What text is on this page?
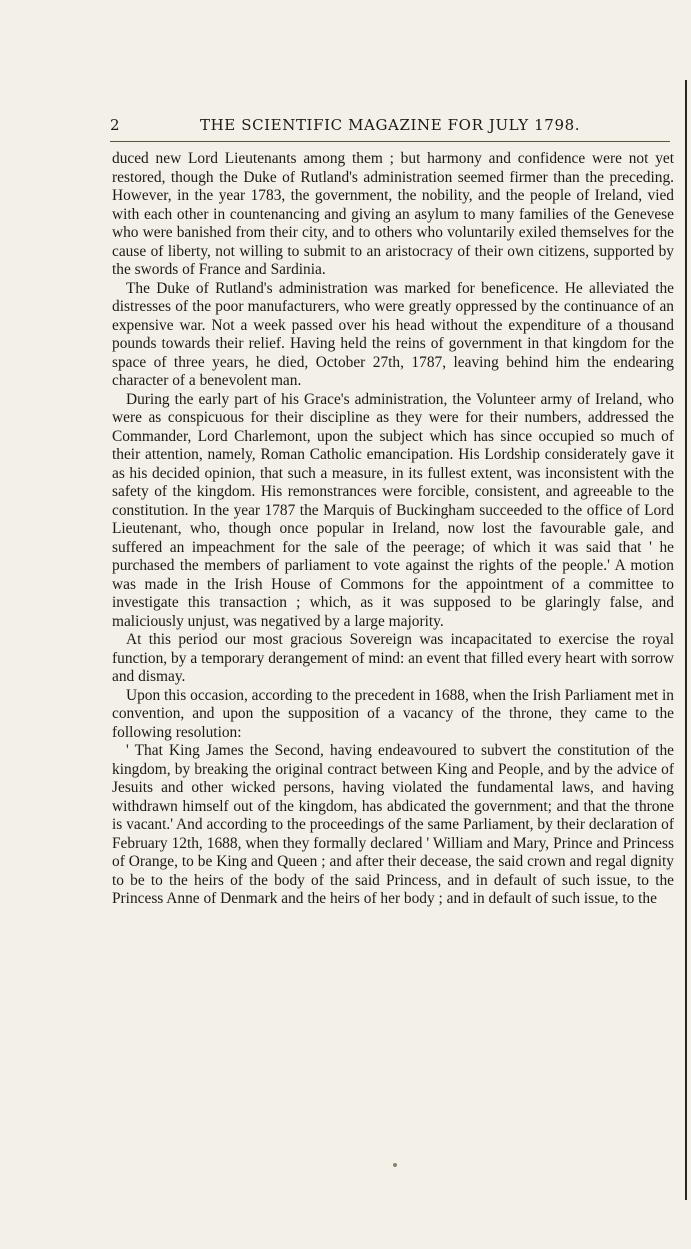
2	THE SCIENTIFIC MAGAZINE FOR JULY 1798.

duced new Lord Lieutenants among them ; but harmony and confidence were not yet restored, though the Duke of Rutland's administration seemed firmer than the preceding. However, in the year 1783, the government, the nobility, and the people of Ireland, vied with each other in countenancing and giving an asylum to many families of the Genevese who were banished from their city, and to others who voluntarily exiled themselves for the cause of liberty, not willing to submit to an aristocracy of their own citizens, supported by the swords of France and Sardinia.

The Duke of Rutland's administration was marked for beneficence. He alleviated the distresses of the poor manufacturers, who were greatly oppressed by the continuance of an expensive war. Not a week passed over his head without the expenditure of a thousand pounds towards their relief. Having held the reins of government in that kingdom for the space of three years, he died, October 27th, 1787, leaving behind him the endearing character of a benevolent man.

During the early part of his Grace's administration, the Volunteer army of Ireland, who were as conspicuous for their discipline as they were for their numbers, addressed the Commander, Lord Charlemont, upon the subject which has since occupied so much of their attention, namely, Roman Catholic emancipation. His Lordship considerately gave it as his decided opinion, that such a measure, in its fullest extent, was inconsistent with the safety of the kingdom. His remonstrances were forcible, consistent, and agreeable to the constitution. In the year 1787 the Marquis of Buckingham succeeded to the office of Lord Lieutenant, who, though once popular in Ireland, now lost the favourable gale, and suffered an impeachment for the sale of the peerage; of which it was said that ' he purchased the members of parliament to vote against the rights of the people.' A motion was made in the Irish House of Commons for the appointment of a committee to investigate this transaction ; which, as it was supposed to be glaringly false, and maliciously unjust, was negatived by a large majority.

At this period our most gracious Sovereign was incapacitated to exercise the royal function, by a temporary derangement of mind: an event that filled every heart with sorrow and dismay.

Upon this occasion, according to the precedent in 1688, when the Irish Parliament met in convention, and upon the supposition of a vacancy of the throne, they came to the following resolution:

' That King James the Second, having endeavoured to subvert the constitution of the kingdom, by breaking the original contract between King and People, and by the advice of Jesuits and other wicked persons, having violated the fundamental laws, and having withdrawn himself out of the kingdom, has abdicated the government; and that the throne is vacant.' And according to the proceedings of the same Parliament, by their declaration of February 12th, 1688, when they formally declared ' William and Mary, Prince and Princess of Orange, to be King and Queen ; and after their decease, the said crown and regal dignity to be to the heirs of the body of the said Princess, and in default of such issue, to the Princess Anne of Denmark and the heirs of her body ; and in default of such issue, to the
